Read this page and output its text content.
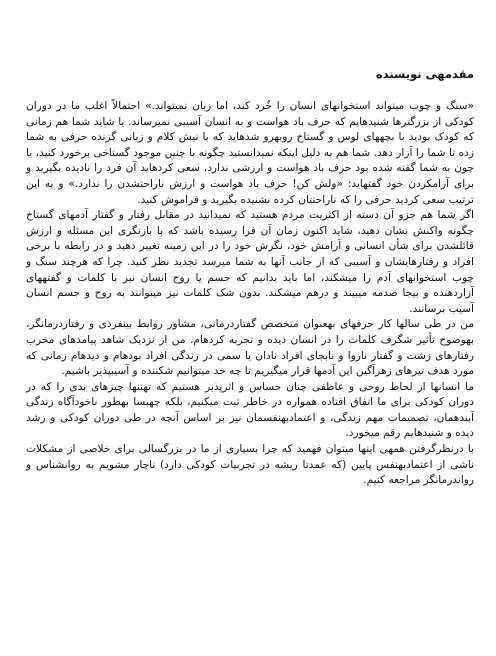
مقدمهی نویسنده

«سنگ و چوب میتواند استخوانهای انسان را خُرد کند، اما زبان نمیتواند.» احتمالاً اغلب ما در دوران کودکی از بزرگترها شنیدهایم که حرف باد هواست و به انسان آسیبی نمیرساند. یا شاید شما هم زمانی که کودک بودید با بچههای لوس و گستاخ روبهرو شدهاید که با نیش کلام و زبانی گزنده حرفی به شما زده تا شما را آزار دهد. شما هم به دلیل اینکه نمیدانستید چگونه با چنین موجود گستاخی برخورد کنید، یا چون به شما گفته شده بود حرف باد هواست و ارزشی ندارد، سعی کردهاید آن فرد را نادیده بگیرید و برای آرامکردن خود گفتهاید: «ولش کن! حرف باد هواست و ارزش ناراحتشدن را ندارد.» و به این ترتیب سعی کردید حرفی را که ناراحتتان کرده نشنیده بگیرید و فراموش کنید.

اگر شما هم جزو آن دسته از اکثریت مردم هستید که نمیدانید در مقابل رفتار و گفتار آدمهای گستاخ چگونه واکنش نشان دهید، شاید اکنون زمان آن فرا رسیده باشد که با بازنگری این مسئله و ارزش قائلشدن برای شأن انسانی و آرامش خود، نگرش خود را در این زمینه تغییر دهید و در رابطه با برخی افراد و رفتارهایشان و آسیبی که از جانب آنها به شما میرسد تجدید نظر کنید. چرا که هرچند سنگ و چوب استخوانهای آدم را میشکند، اما باید بدانیم که جسم یا روح انسان نیز با کلمات و گفتههای آزاردهنده و بیجا صدمه میبیند و درهم میشکند. بدون شک کلمات نیز میتوانند به روح و جسم انسان آسیب برسانند.

من در طی سالها کار حرفهای بهعنوان متخصص گفتاردرمانی، مشاور روابط بینفردی و رفتاردرمانگر، بهوضوح تأثیر شگرف کلمات را در انسان دیده و تجربه کردهام. من از نزدیک شاهد پیامدهای مخرب رفتارهای زشت و گفتار ناروا و نابجای افراد نادان یا سمی در زندگی افراد بودهام و دیدهام زمانی که مورد هدف تیرهای زهرآگین این آدمها قرار میگیریم تا چه حد میتوانیم شکننده و آسیبپذیر باشیم.

ما انسانها از لحاظ روحی و عاطفی چنان حساس و اثرپذیر هستیم که تهتنها چیزهای بدی را که در دوران کودکی برای ما اتفاق افتاده همواره در خاطر ثبت میکنیم، بلکه چهبسا بهطور ناخودآگاه زندگی آیندهمان، تصمیمات مهم زندگی، و اعتمادبهنفسمان نیز بر اساس آنچه در طی دوران کودکی و رشد دیده و شنیدهایم رقم میخورد.

با درنظرگرفتن همهی اینها میتوان فهمید که چرا بسیاری از ما در بزرگسالی برای خلاصی از مشکلات ناشی از اعتمادبهنفس پایین (که عمدتا ریشه در تجربیات کودکی دارد) ناچار مشویم به روانشناس و رواندرمانگر مراجعه کنیم.
